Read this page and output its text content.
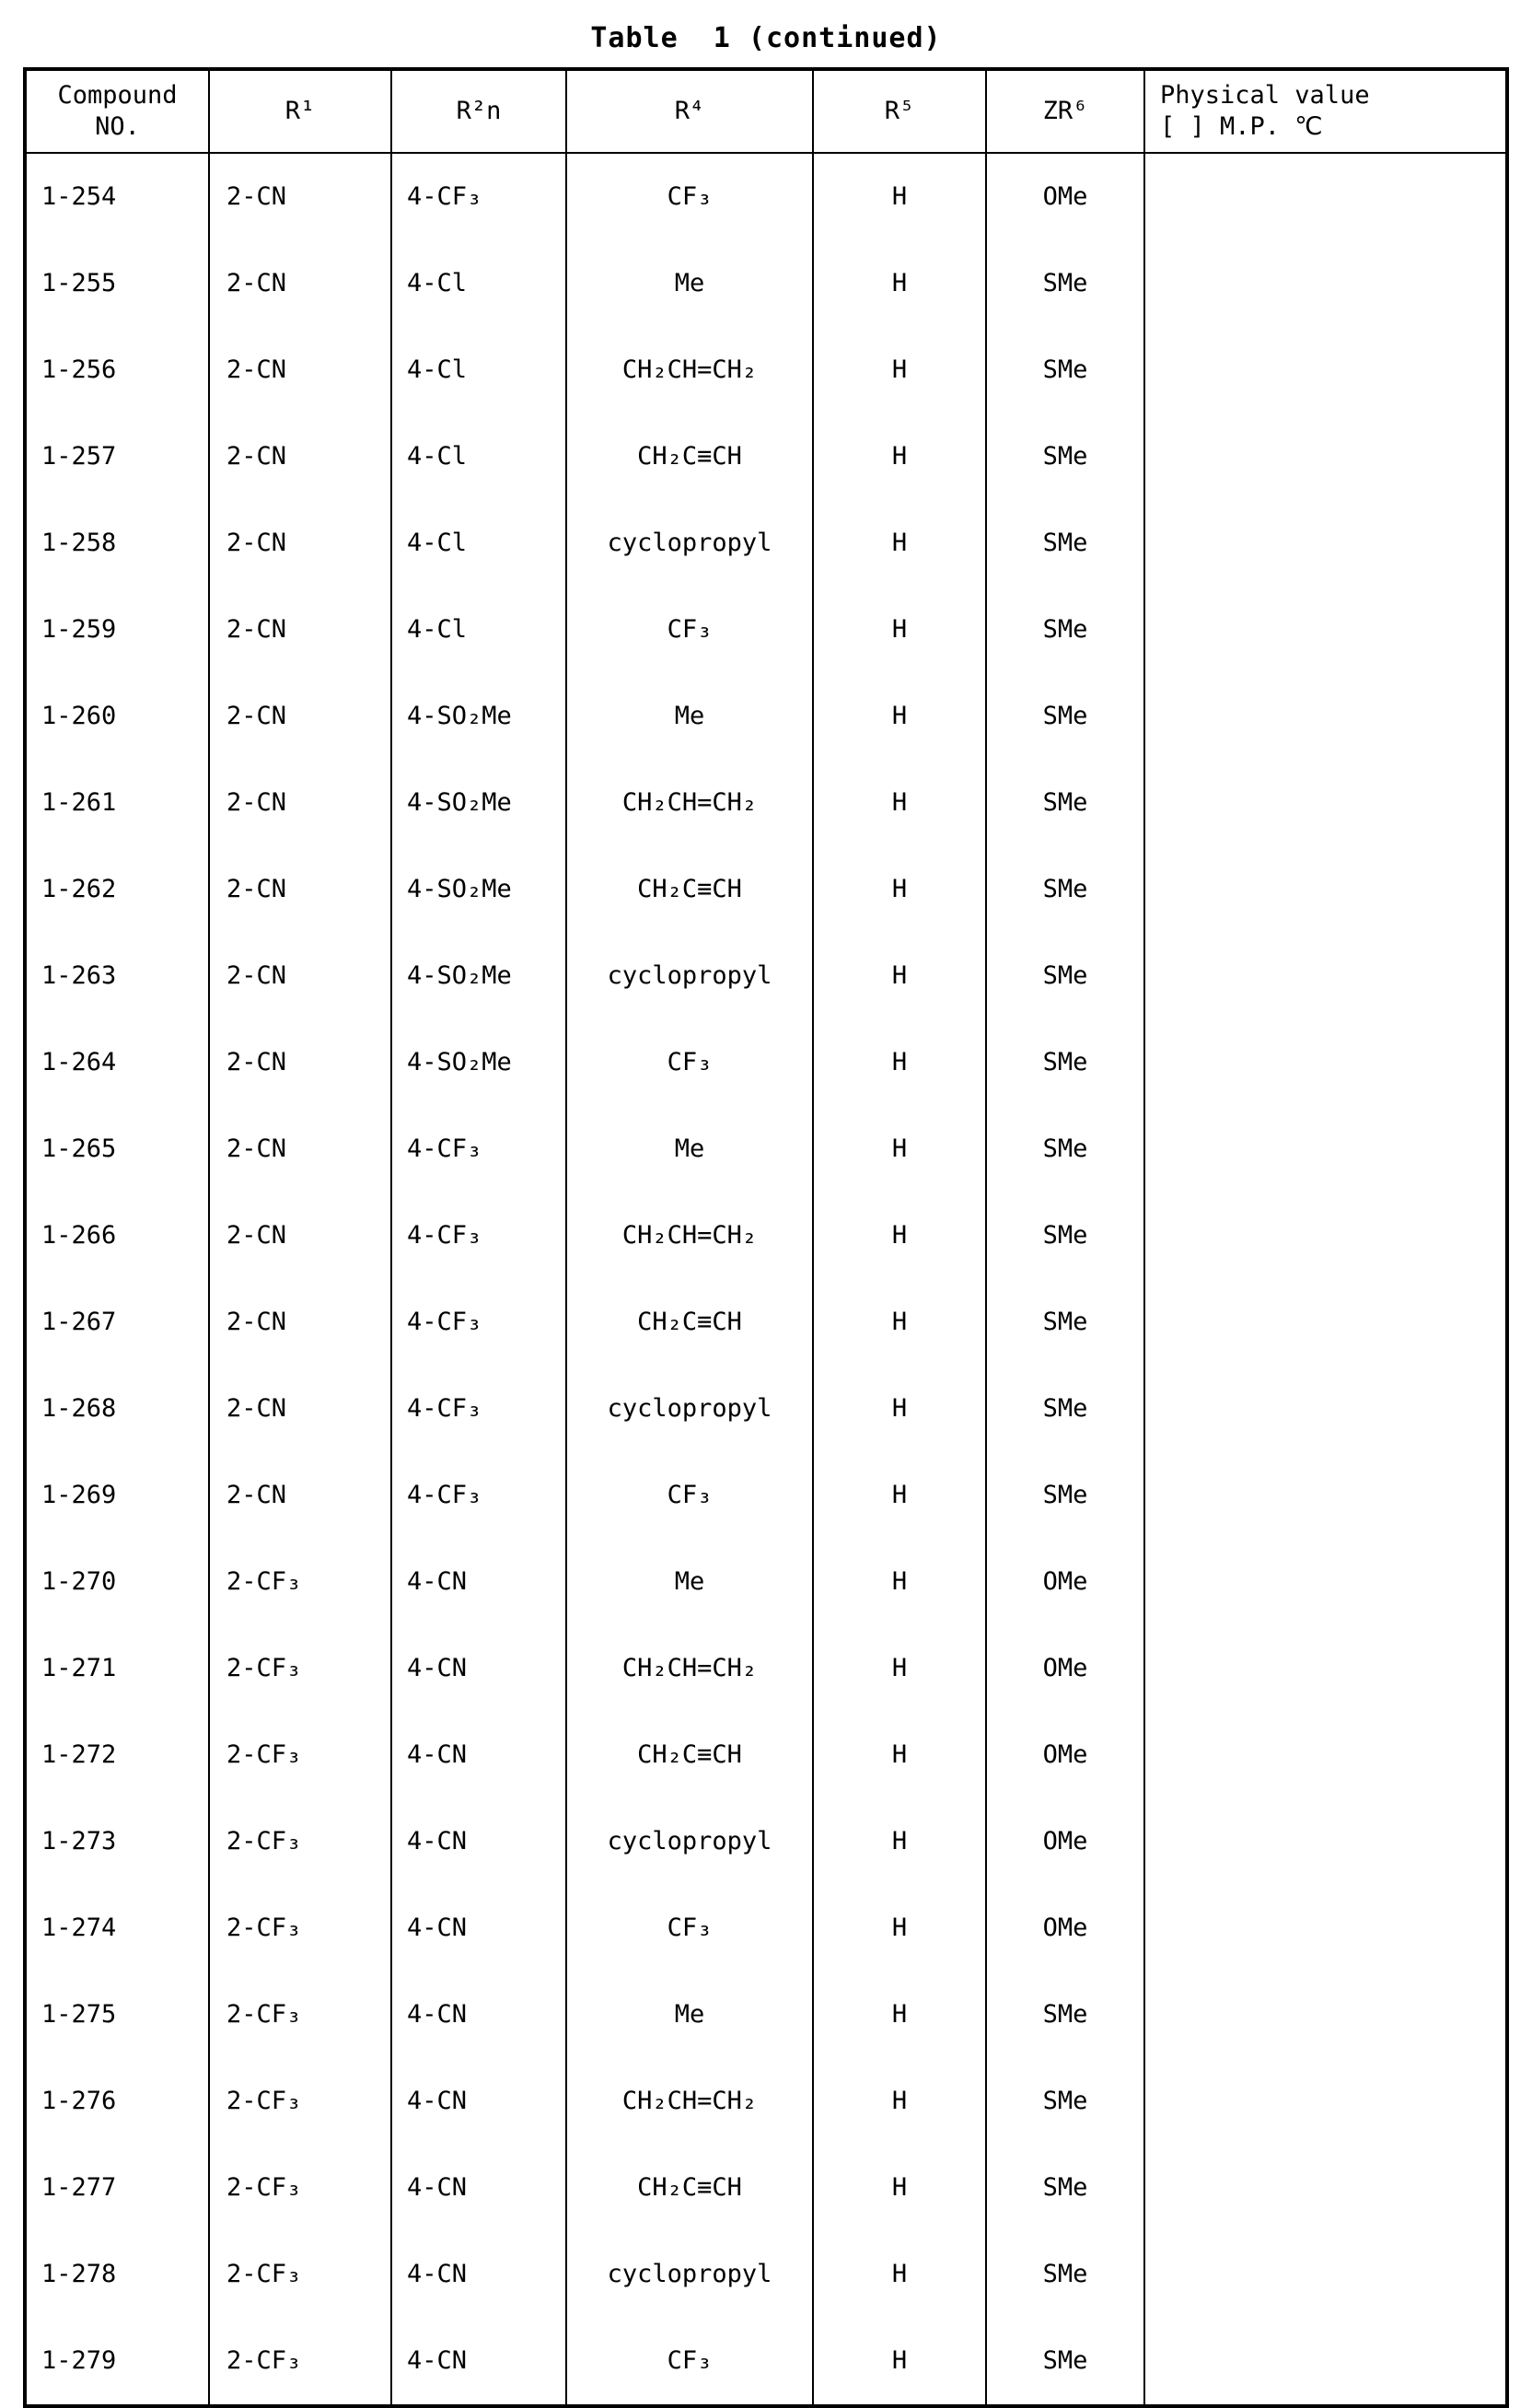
Table  1 (continued)
Compound
NO.	R¹	R²n	R⁴	R⁵	ZR⁶	Physical value
[ ] M.P. ℃
1-254	2-CN	4-CF₃	CF₃	H	OMe	
1-255	2-CN	4-Cl	Me	H	SMe	
1-256	2-CN	4-Cl	CH₂CH=CH₂	H	SMe	
1-257	2-CN	4-Cl	CH₂C≡CH	H	SMe	
1-258	2-CN	4-Cl	cyclopropyl	H	SMe	
1-259	2-CN	4-Cl	CF₃	H	SMe	
1-260	2-CN	4-SO₂Me	Me	H	SMe	
1-261	2-CN	4-SO₂Me	CH₂CH=CH₂	H	SMe	
1-262	2-CN	4-SO₂Me	CH₂C≡CH	H	SMe	
1-263	2-CN	4-SO₂Me	cyclopropyl	H	SMe	
1-264	2-CN	4-SO₂Me	CF₃	H	SMe	
1-265	2-CN	4-CF₃	Me	H	SMe	
1-266	2-CN	4-CF₃	CH₂CH=CH₂	H	SMe	
1-267	2-CN	4-CF₃	CH₂C≡CH	H	SMe	
1-268	2-CN	4-CF₃	cyclopropyl	H	SMe	
1-269	2-CN	4-CF₃	CF₃	H	SMe	
1-270	2-CF₃	4-CN	Me	H	OMe	
1-271	2-CF₃	4-CN	CH₂CH=CH₂	H	OMe	
1-272	2-CF₃	4-CN	CH₂C≡CH	H	OMe	
1-273	2-CF₃	4-CN	cyclopropyl	H	OMe	
1-274	2-CF₃	4-CN	CF₃	H	OMe	
1-275	2-CF₃	4-CN	Me	H	SMe	
1-276	2-CF₃	4-CN	CH₂CH=CH₂	H	SMe	
1-277	2-CF₃	4-CN	CH₂C≡CH	H	SMe	
1-278	2-CF₃	4-CN	cyclopropyl	H	SMe	
1-279	2-CF₃	4-CN	CF₃	H	SMe	
